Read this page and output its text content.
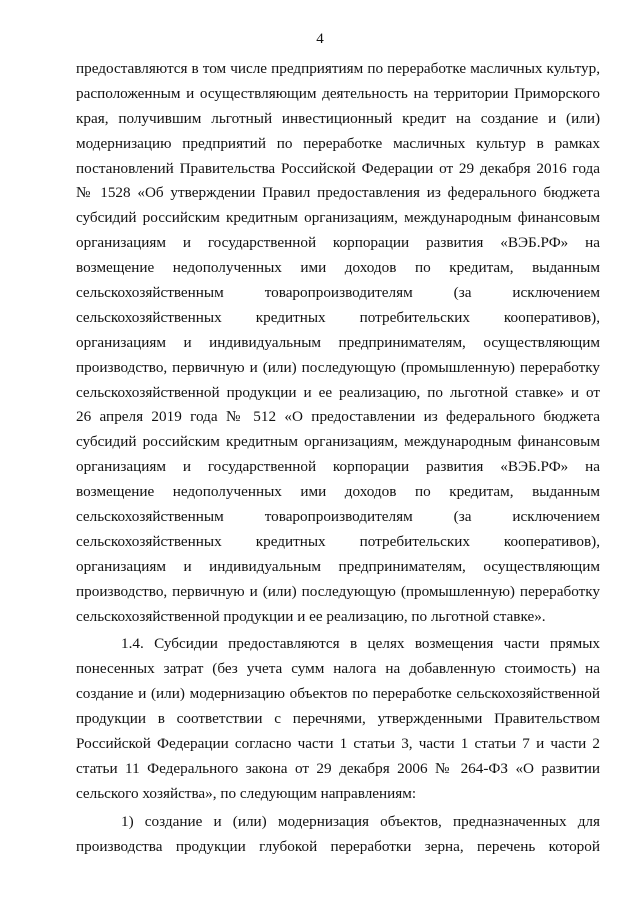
4
предоставляются в том числе предприятиям по переработке масличных культур,
расположенным и осуществляющим деятельность на территории Приморского
края, получившим льготный инвестиционный кредит на создание и (или)
модернизацию предприятий по переработке масличных культур в рамках
постановлений Правительства Российской Федерации от 29 декабря 2016 года
№ 1528 «Об утверждении Правил предоставления из федерального бюджета
субсидий российским кредитным организациям, международным финансовым
организациям и государственной корпорации развития «ВЭБ.РФ» на
возмещение недополученных ими доходов по кредитам, выданным
сельскохозяйственным товаропроизводителям (за исключением
сельскохозяйственных кредитных потребительских кооперативов),
организациям и индивидуальным предпринимателям, осуществляющим
производство, первичную и (или) последующую (промышленную) переработку
сельскохозяйственной продукции и ее реализацию, по льготной ставке» и от
26 апреля 2019 года № 512 «О предоставлении из федерального бюджета
субсидий российским кредитным организациям, международным финансовым
организациям и государственной корпорации развития «ВЭБ.РФ» на
возмещение недополученных ими доходов по кредитам, выданным
сельскохозяйственным товаропроизводителям (за исключением
сельскохозяйственных кредитных потребительских кооперативов),
организациям и индивидуальным предпринимателям, осуществляющим
производство, первичную и (или) последующую (промышленную) переработку
сельскохозяйственной продукции и ее реализацию, по льготной ставке».
1.4. Субсидии предоставляются в целях возмещения части прямых
понесенных затрат (без учета сумм налога на добавленную стоимость) на
создание и (или) модернизацию объектов по переработке сельскохозяйственной
продукции в соответствии с перечнями, утвержденными Правительством
Российской Федерации согласно части 1 статьи 3, части 1 статьи 7 и части 2
статьи 11 Федерального закона от 29 декабря 2006 № 264-ФЗ «О развитии
сельского хозяйства», по следующим направлениям:
1) создание и (или) модернизация объектов, предназначенных для
производства продукции глубокой переработки зерна, перечень которой
